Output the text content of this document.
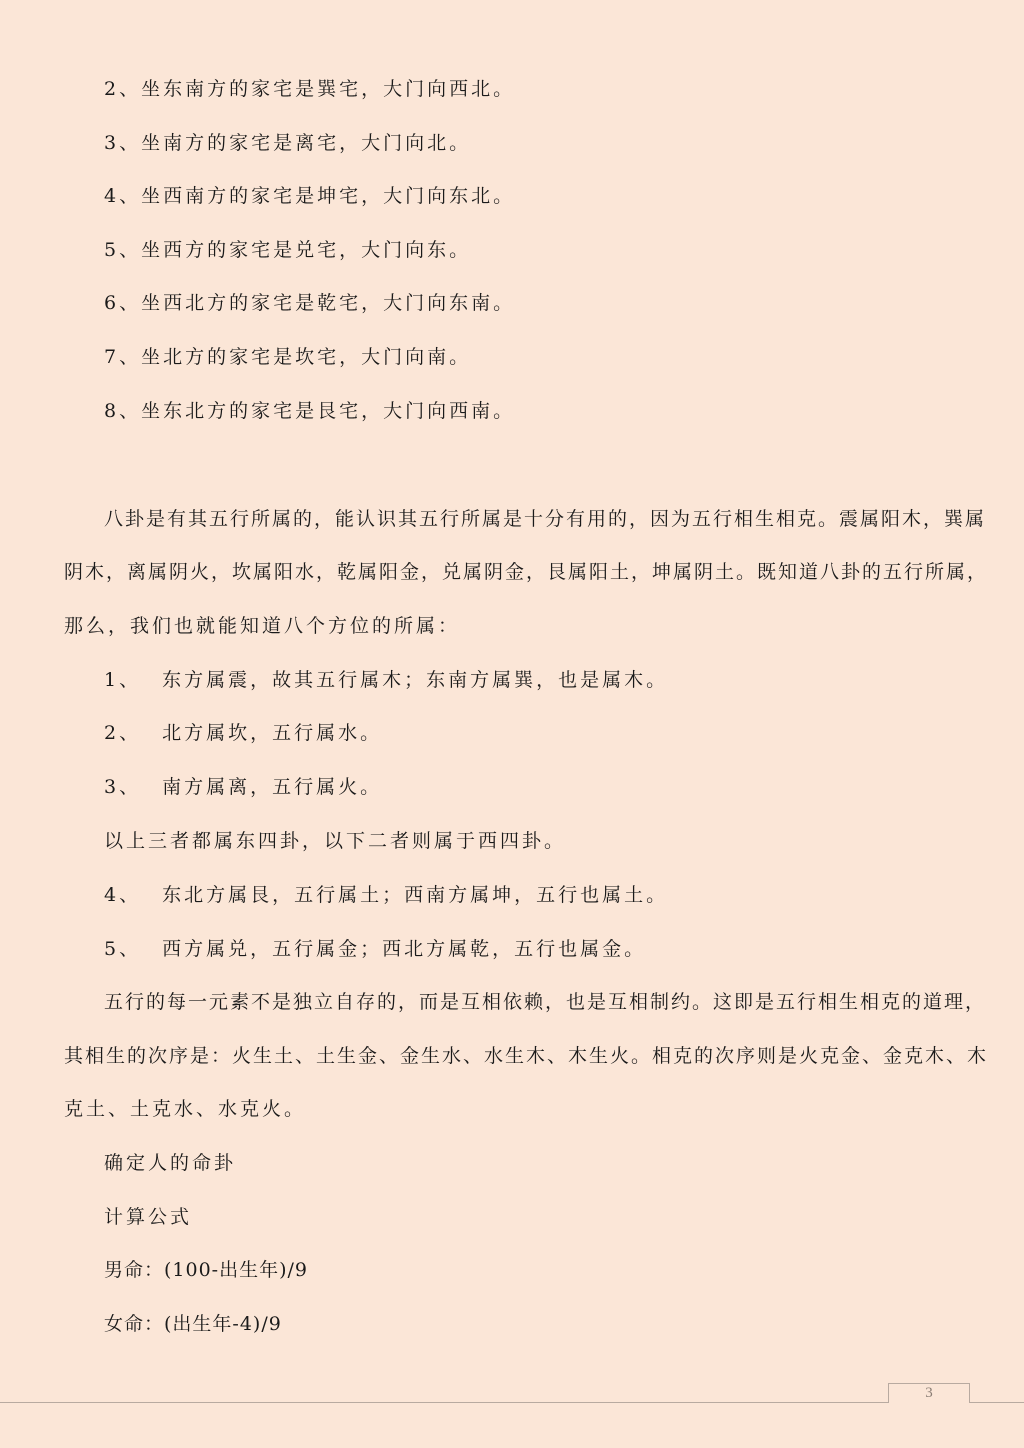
2、坐东南方的家宅是巽宅，大门向西北。
3、坐南方的家宅是离宅，大门向北。
4、坐西南方的家宅是坤宅，大门向东北。
5、坐西方的家宅是兑宅，大门向东。
6、坐西北方的家宅是乾宅，大门向东南。
7、坐北方的家宅是坎宅，大门向南。
8、坐东北方的家宅是艮宅，大门向西南。
八卦是有其五行所属的，能认识其五行所属是十分有用的，因为五行相生相克。震属阳木，巽属
阴木，离属阴火，坎属阳水，乾属阳金，兑属阴金，艮属阳土，坤属阴土。既知道八卦的五行所属，
那么，我们也就能知道八个方位的所属：
1、 东方属震，故其五行属木；东南方属巽，也是属木。
2、 北方属坎，五行属水。
3、 南方属离，五行属火。
以上三者都属东四卦，以下二者则属于西四卦。
4、 东北方属艮，五行属土；西南方属坤，五行也属土。
5、 西方属兑，五行属金；西北方属乾，五行也属金。
五行的每一元素不是独立自存的，而是互相依赖，也是互相制约。这即是五行相生相克的道理，
其相生的次序是：火生土、土生金、金生水、水生木、木生火。相克的次序则是火克金、金克木、木
克土、土克水、水克火。
确定人的命卦
计算公式
男命：(100-出生年)/9
女命：(出生年-4)/9
3
